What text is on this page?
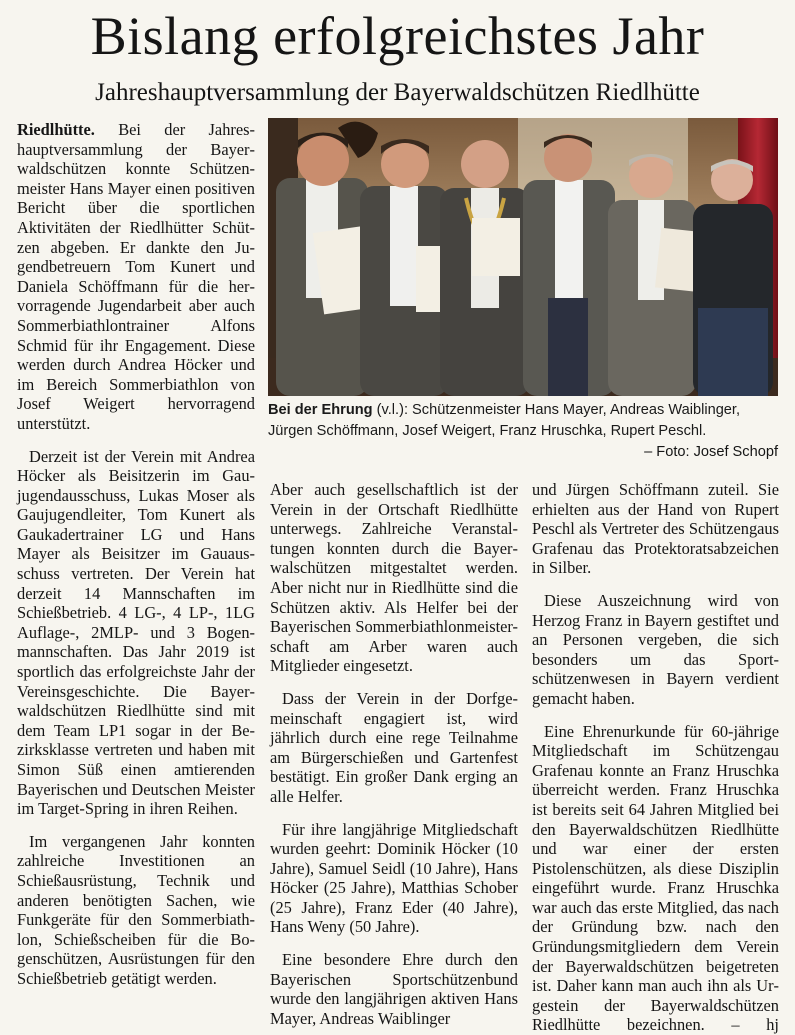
Bislang erfolgreichstes Jahr
Jahreshauptversammlung der Bayerwaldschützen Riedlhütte

Riedlhütte. Bei der Jahreshauptversammlung der Bayerwaldschützen konnte Schützenmeister Hans Mayer einen positiven Bericht über die sportlichen Aktivitäten der Riedlhütter Schützen abgeben. Er dankte den Jugendbetreuern Tom Kunert und Daniela Schöffmann für die hervorragende Jugendarbeit aber auch Sommerbiathlontrainer Alfons Schmid für ihr Engagement. Diese werden durch Andrea Höcker und im Bereich Sommerbiathlon von Josef Weigert hervorragend unterstützt.

Derzeit ist der Verein mit Andrea Höcker als Beisitzerin im Gaujugendausschuss, Lukas Moser als Gaujugendleiter, Tom Kunert als Gaukadertrainer LG und Hans Mayer als Beisitzer im Gauausschuss vertreten. Der Verein hat derzeit 14 Mannschaften im Schießbetrieb. 4 LG-, 4 LP-, 1LG Auflage-, 2MLP- und 3 Bogenmannschaften. Das Jahr 2019 ist sportlich das erfolgreichste Jahr der Vereinsgeschichte. Die Bayerwaldschützen Riedlhütte sind mit dem Team LP1 sogar in der Bezirksklasse vertreten und haben mit Simon Süß einen amtierenden Bayerischen und Deutschen Meister im Target-Spring in ihren Reihen.

Im vergangenen Jahr konnten zahlreiche Investitionen an Schießausrüstung, Technik und anderen benötigten Sachen, wie Funkgeräte für den Sommerbiathlon, Schießscheiben für die Bogenschützen, Ausrüstungen für den Schießbetrieb getätigt werden.

Bei der Ehrung (v.l.): Schützenmeister Hans Mayer, Andreas Waiblinger, Jürgen Schöffmann, Josef Weigert, Franz Hruschka, Rupert Peschl.
– Foto: Josef Schopf

Aber auch gesellschaftlich ist der Verein in der Ortschaft Riedlhütte unterwegs. Zahlreiche Veranstaltungen konnten durch die Bayerwalschützen mitgestaltet werden. Aber nicht nur in Riedlhütte sind die Schützen aktiv. Als Helfer bei der Bayerischen Sommerbiathlonmeister-schaft am Arber waren auch Mitglieder eingesetzt.

Dass der Verein in der Dorfgemeinschaft engagiert ist, wird jährlich durch eine rege Teilnahme am Bürgerschießen und Gartenfest bestätigt. Ein großer Dank erging an alle Helfer.

Für ihre langjährige Mitgliedschaft wurden geehrt: Dominik Höcker (10 Jahre), Samuel Seidl (10 Jahre), Hans Höcker (25 Jahre), Matthias Schober (25 Jahre), Franz Eder (40 Jahre), Hans Weny (50 Jahre).

Eine besondere Ehre durch den Bayerischen Sportschützenbund wurde den langjährigen aktiven Hans Mayer, Andreas Waiblinger

und Jürgen Schöffmann zuteil. Sie erhielten aus der Hand von Rupert Peschl als Vertreter des Schützengaus Grafenau das Protektoratsabzeichen in Silber.

Diese Auszeichnung wird von Herzog Franz in Bayern gestiftet und an Personen vergeben, die sich besonders um das Sportschützenwesen in Bayern verdient gemacht haben.

Eine Ehrenurkunde für 60-jährige Mitgliedschaft im Schützengau Grafenau konnte an Franz Hruschka überreicht werden. Franz Hruschka ist bereits seit 64 Jahren Mitglied bei den Bayerwaldschützen Riedlhütte und war einer der ersten Pistolenschützen, als diese Disziplin eingeführt wurde. Franz Hruschka war auch das erste Mitglied, das nach der Gründung bzw. nach den Gründungsmitgliedern dem Verein der Bayerwaldschützen beigetreten ist. Daher kann man auch ihn als Urgestein der Bayerwaldschützen Riedlhütte bezeichnen. – hj
